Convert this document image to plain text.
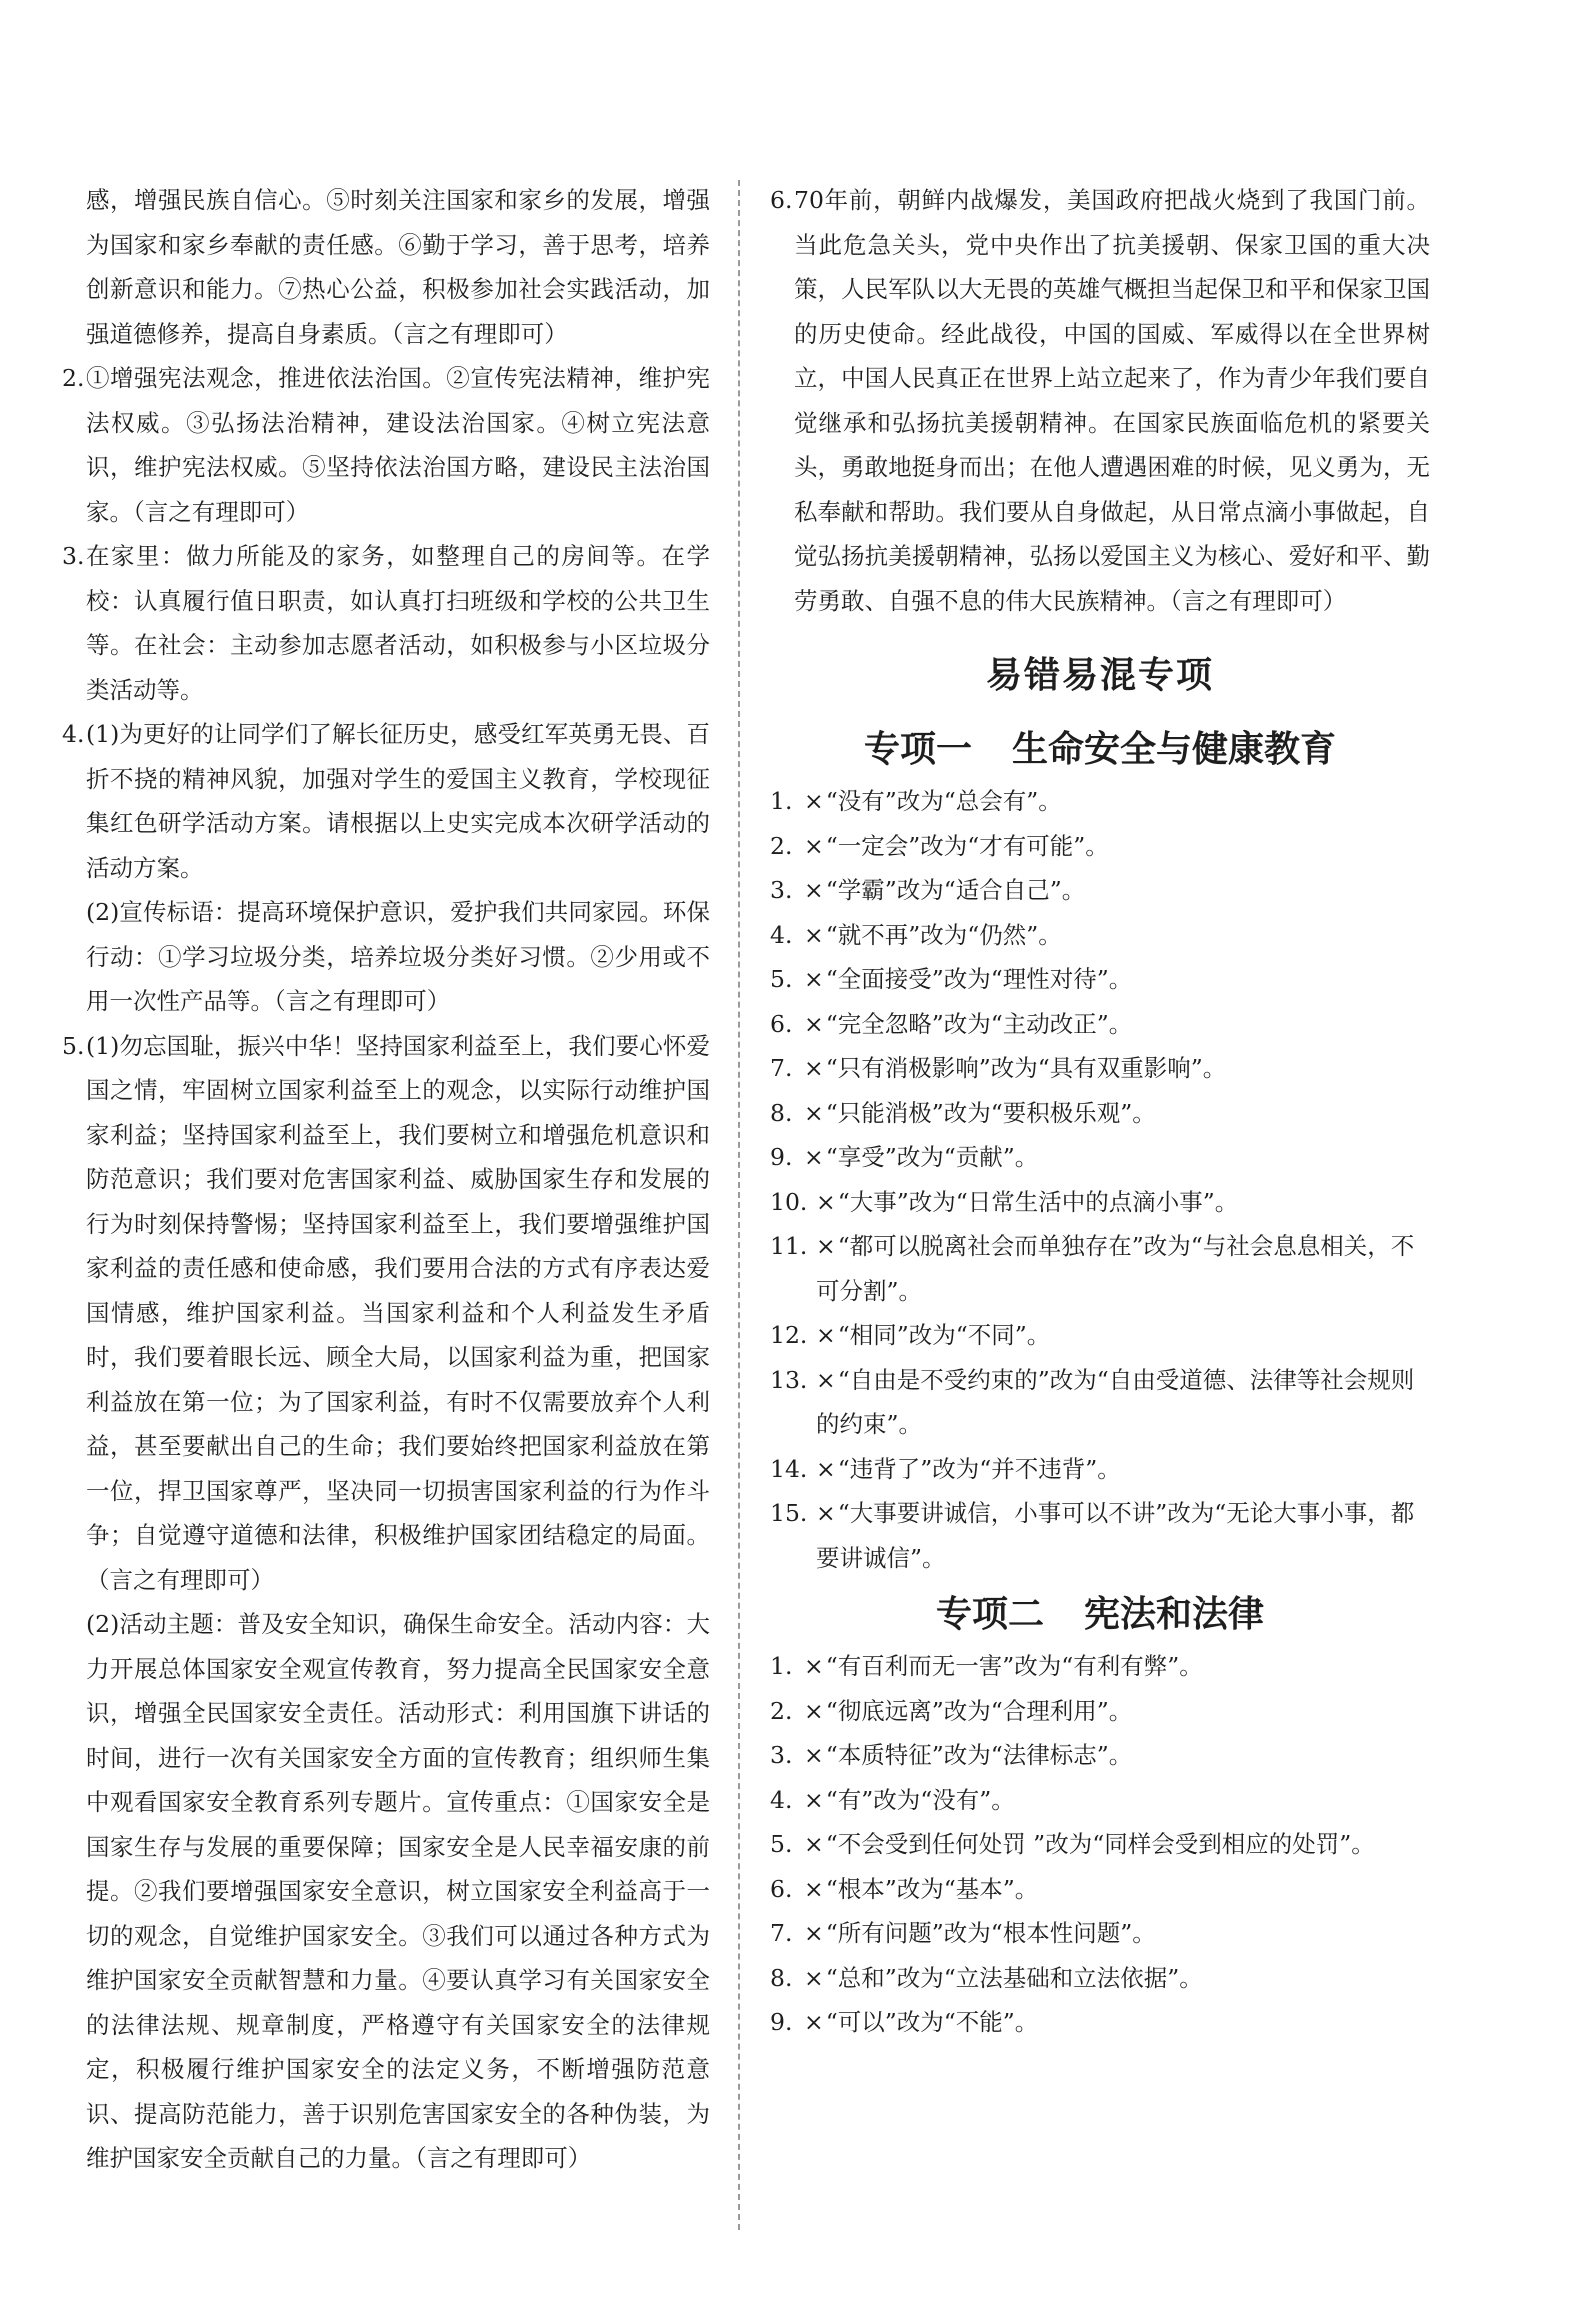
感，增强民族自信心。⑤时刻关注国家和家乡的发展，增强为国家和家乡奉献的责任感。⑥勤于学习，善于思考，培养创新意识和能力。⑦热心公益，积极参加社会实践活动，加强道德修养，提高自身素质。（言之有理即可）
2. ①增强宪法观念，推进依法治国。②宣传宪法精神，维护宪法权威。③弘扬法治精神，建设法治国家。④树立宪法意识，维护宪法权威。⑤坚持依法治国方略，建设民主法治国家。（言之有理即可）
3. 在家里：做力所能及的家务，如整理自己的房间等。在学校：认真履行值日职责，如认真打扫班级和学校的公共卫生等。在社会：主动参加志愿者活动，如积极参与小区垃圾分类活动等。
4. (1)为更好的让同学们了解长征历史，感受红军英勇无畏、百折不挠的精神风貌，加强对学生的爱国主义教育，学校现征集红色研学活动方案。请根据以上史实完成本次研学活动的活动方案。
(2)宣传标语：提高环境保护意识，爱护我们共同家园。环保行动：①学习垃圾分类，培养垃圾分类好习惯。②少用或不用一次性产品等。（言之有理即可）
5. (1)勿忘国耻，振兴中华！坚持国家利益至上，我们要心怀爱国之情，牢固树立国家利益至上的观念，以实际行动维护国家利益；坚持国家利益至上，我们要树立和增强危机意识和防范意识；我们要对危害国家利益、威胁国家生存和发展的行为时刻保持警惕；坚持国家利益至上，我们要增强维护国家利益的责任感和使命感，我们要用合法的方式有序表达爱国情感，维护国家利益。当国家利益和个人利益发生矛盾时，我们要着眼长远、顾全大局，以国家利益为重，把国家利益放在第一位；为了国家利益，有时不仅需要放弃个人利益，甚至要献出自己的生命；我们要始终把国家利益放在第一位，捍卫国家尊严，坚决同一切损害国家利益的行为作斗争；自觉遵守道德和法律，积极维护国家团结稳定的局面。（言之有理即可）
(2)活动主题：普及安全知识，确保生命安全。活动内容：大力开展总体国家安全观宣传教育，努力提高全民国家安全意识，增强全民国家安全责任。活动形式：利用国旗下讲话的时间，进行一次有关国家安全方面的宣传教育；组织师生集中观看国家安全教育系列专题片。宣传重点：①国家安全是国家生存与发展的重要保障；国家安全是人民幸福安康的前提。②我们要增强国家安全意识，树立国家安全利益高于一切的观念，自觉维护国家安全。③我们可以通过各种方式为维护国家安全贡献智慧和力量。④要认真学习有关国家安全的法律法规、规章制度，严格遵守有关国家安全的法律规定，积极履行维护国家安全的法定义务，不断增强防范意识、提高防范能力，善于识别危害国家安全的各种伪装，为维护国家安全贡献自己的力量。（言之有理即可）
6. 70年前，朝鲜内战爆发，美国政府把战火烧到了我国门前。当此危急关头，党中央作出了抗美援朝、保家卫国的重大决策，人民军队以大无畏的英雄气概担当起保卫和平和保家卫国的历史使命。经此战役，中国的国威、军威得以在全世界树立，中国人民真正在世界上站立起来了，作为青少年我们要自觉继承和弘扬抗美援朝精神。在国家民族面临危机的紧要关头，勇敢地挺身而出；在他人遭遇困难的时候，见义勇为，无私奉献和帮助。我们要从自身做起，从日常点滴小事做起，自觉弘扬抗美援朝精神，弘扬以爱国主义为核心、爱好和平、勤劳勇敢、自强不息的伟大民族精神。（言之有理即可）
易错易混专项
专项一 生命安全与健康教育
1. ×“没有”改为“总会有”。
2. ×“一定会”改为“才有可能”。
3. ×“学霸”改为“适合自己”。
4. ×“就不再”改为“仍然”。
5. ×“全面接受”改为“理性对待”。
6. ×“完全忽略”改为“主动改正”。
7. ×“只有消极影响”改为“具有双重影响”。
8. ×“只能消极”改为“要积极乐观”。
9. ×“享受”改为“贡献”。
10. ×“大事”改为“日常生活中的点滴小事”。
11. ×“都可以脱离社会而单独存在”改为“与社会息息相关，不可分割”。
12. ×“相同”改为“不同”。
13. ×“自由是不受约束的”改为“自由受道德、法律等社会规则的约束”。
14. ×“违背了”改为“并不违背”。
15. ×“大事要讲诚信，小事可以不讲”改为“无论大事小事，都要讲诚信”。
专项二 宪法和法律
1. ×“有百利而无一害”改为“有利有弊”。
2. ×“彻底远离”改为“合理利用”。
3. ×“本质特征”改为“法律标志”。
4. ×“有”改为“没有”。
5. ×“不会受到任何处罚 ”改为“同样会受到相应的处罚”。
6. ×“根本”改为“基本”。
7. ×“所有问题”改为“根本性问题”。
8. ×“总和”改为“立法基础和立法依据”。
9. ×“可以”改为“不能”。
